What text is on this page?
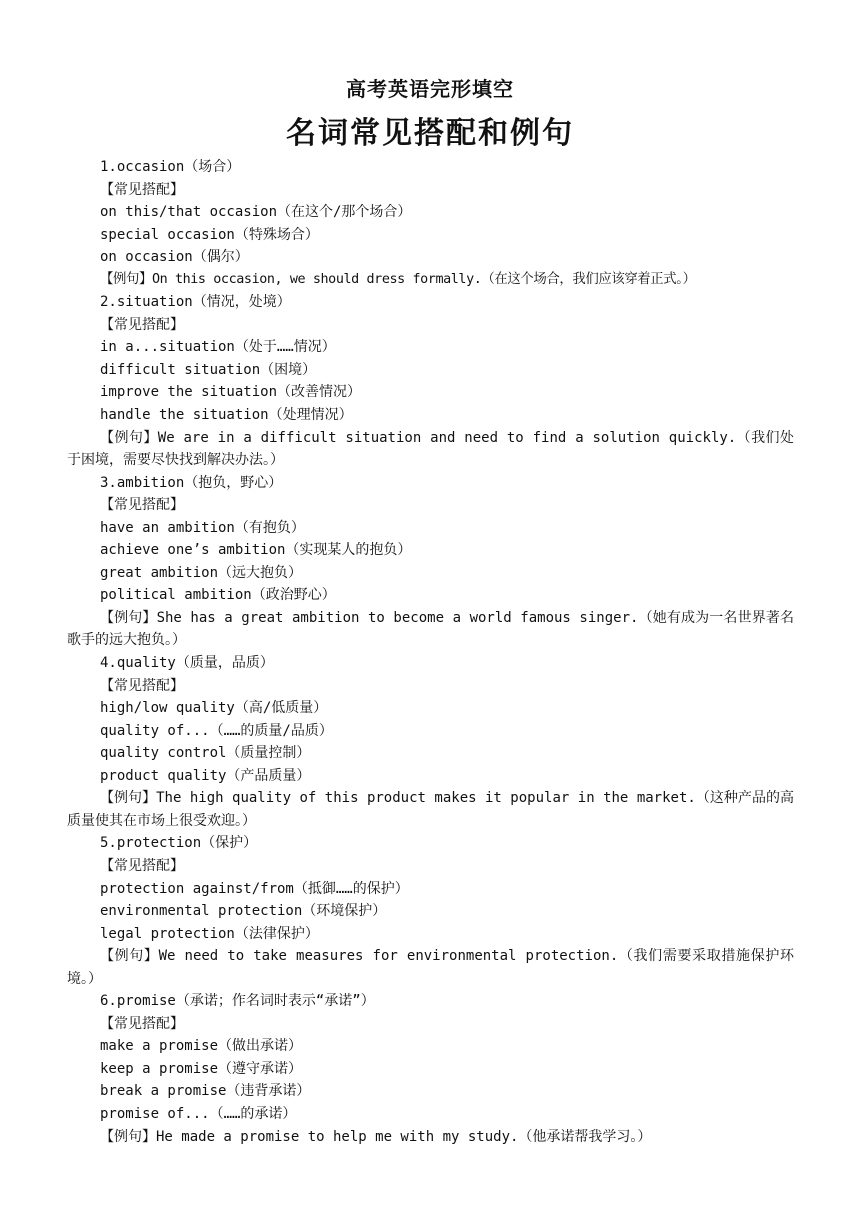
高考英语完形填空
名词常见搭配和例句
1.occasion（场合）
【常见搭配】
on this/that occasion（在这个/那个场合）
special occasion（特殊场合）
on occasion（偶尔）
【例句】On this occasion, we should dress formally.（在这个场合，我们应该穿着正式。）
2.situation（情况，处境）
【常见搭配】
in a...situation（处于……情况）
difficult situation（困境）
improve the situation（改善情况）
handle the situation（处理情况）
【例句】We are in a difficult situation and need to find a solution quickly.（我们处于困境，需要尽快找到解决办法。）
3.ambition（抱负，野心）
【常见搭配】
have an ambition（有抱负）
achieve one’s ambition（实现某人的抱负）
great ambition（远大抱负）
political ambition（政治野心）
【例句】She has a great ambition to become a world famous singer.（她有成为一名世界著名歌手的远大抱负。）
4.quality（质量，品质）
【常见搭配】
high/low quality（高/低质量）
quality of...（……的质量/品质）
quality control（质量控制）
product quality（产品质量）
【例句】The high quality of this product makes it popular in the market.（这种产品的高质量使其在市场上很受欢迎。）
5.protection（保护）
【常见搭配】
protection against/from（抵御……的保护）
environmental protection（环境保护）
legal protection（法律保护）
【例句】We need to take measures for environmental protection.（我们需要采取措施保护环境。）
6.promise（承诺；作名词时表示“承诺”）
【常见搭配】
make a promise（做出承诺）
keep a promise（遵守承诺）
break a promise（违背承诺）
promise of...（……的承诺）
【例句】He made a promise to help me with my study.（他承诺帮我学习。）
